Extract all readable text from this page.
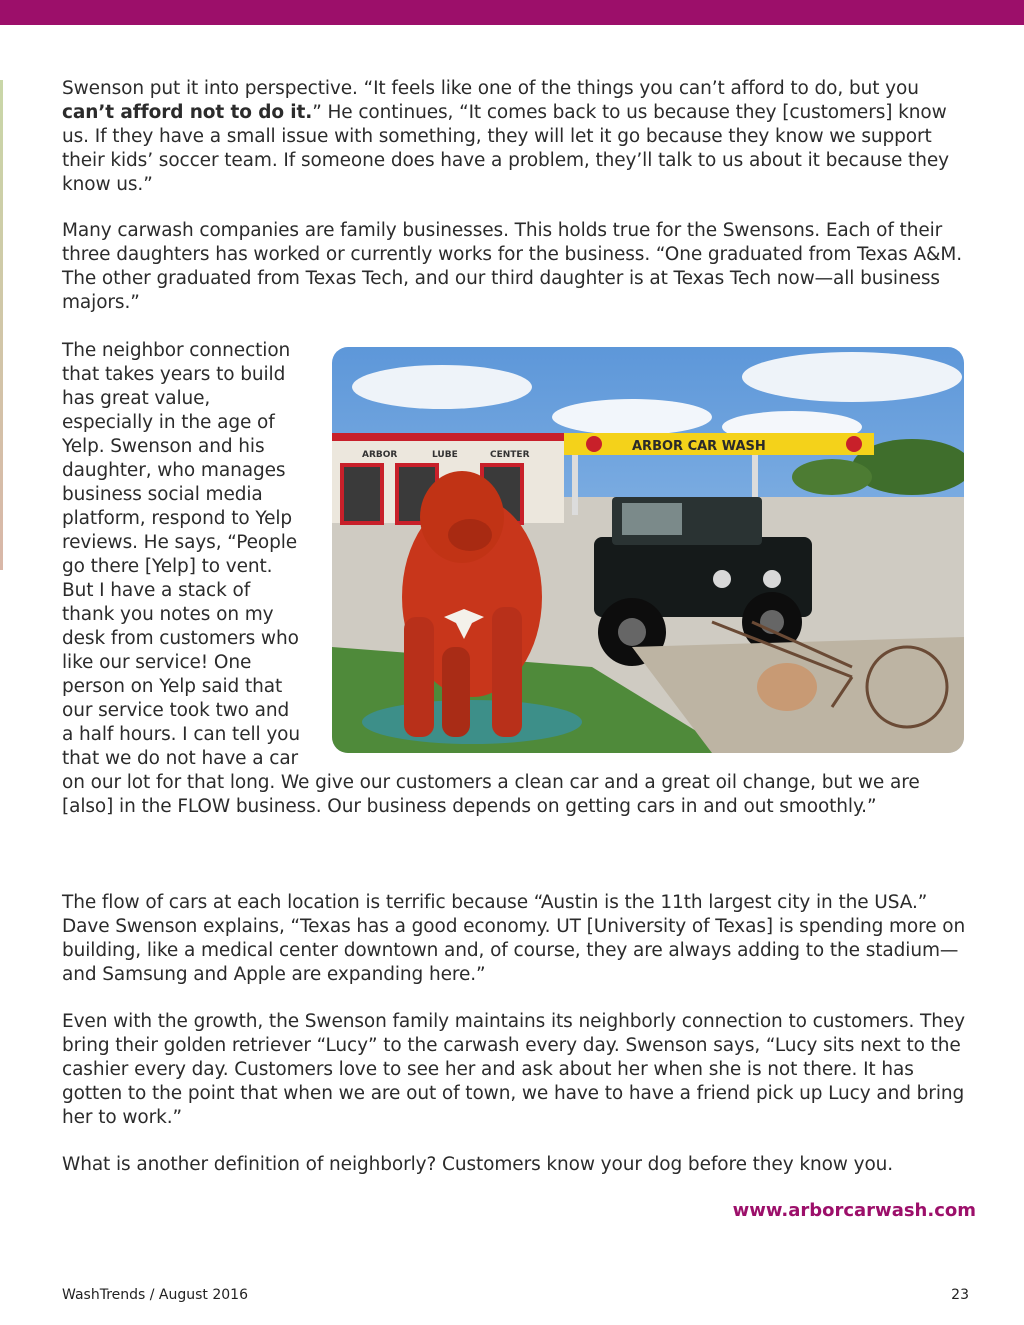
Swenson put it into perspective. “It feels like one of the things you can’t afford to do, but you can’t afford not to do it.” He continues, “It comes back to us because they [customers] know us. If they have a small issue with something, they will let it go because they know we support their kids’ soccer team. If someone does have a problem, they’ll talk to us about it because they know us.”

Many carwash companies are family businesses. This holds true for the Swensons. Each of their three daughters has worked or currently works for the business. “One graduated from Texas A&M. The other graduated from Texas Tech, and our third daughter is at Texas Tech now—all business majors.”

ARBOR	LUBE	CENTER
ARBOR CAR WASH

The neighbor connection that takes years to build has great value, especially in the age of Yelp. Swenson and his daughter, who manages business social media platform, respond to Yelp reviews. He says, “People go there [Yelp] to vent. But I have a stack of thank you notes on my desk from customers who like our service! One person on Yelp said that our service took two and a half hours. I can tell you that we do not have a car on our lot for that long. We give our customers a clean car and a great oil change, but we are [also] in the FLOW business. Our business depends on getting cars in and out smoothly.”

The flow of cars at each location is terrific because “Austin is the 11th largest city in the USA.” Dave Swenson explains, “Texas has a good economy. UT [University of Texas] is spending more on building, like a medical center downtown and, of course, they are always adding to the stadium—and Samsung and Apple are expanding here.”

Even with the growth, the Swenson family maintains its neighborly connection to customers. They bring their golden retriever “Lucy” to the carwash every day. Swenson says, “Lucy sits next to the cashier every day. Customers love to see her and ask about her when she is not there. It has gotten to the point that when we are out of town, we have to have a friend pick up Lucy and bring her to work.”

What is another definition of neighborly? Customers know your dog before they know you.

www.arborcarwash.com
WashTrends / August 2016	23
